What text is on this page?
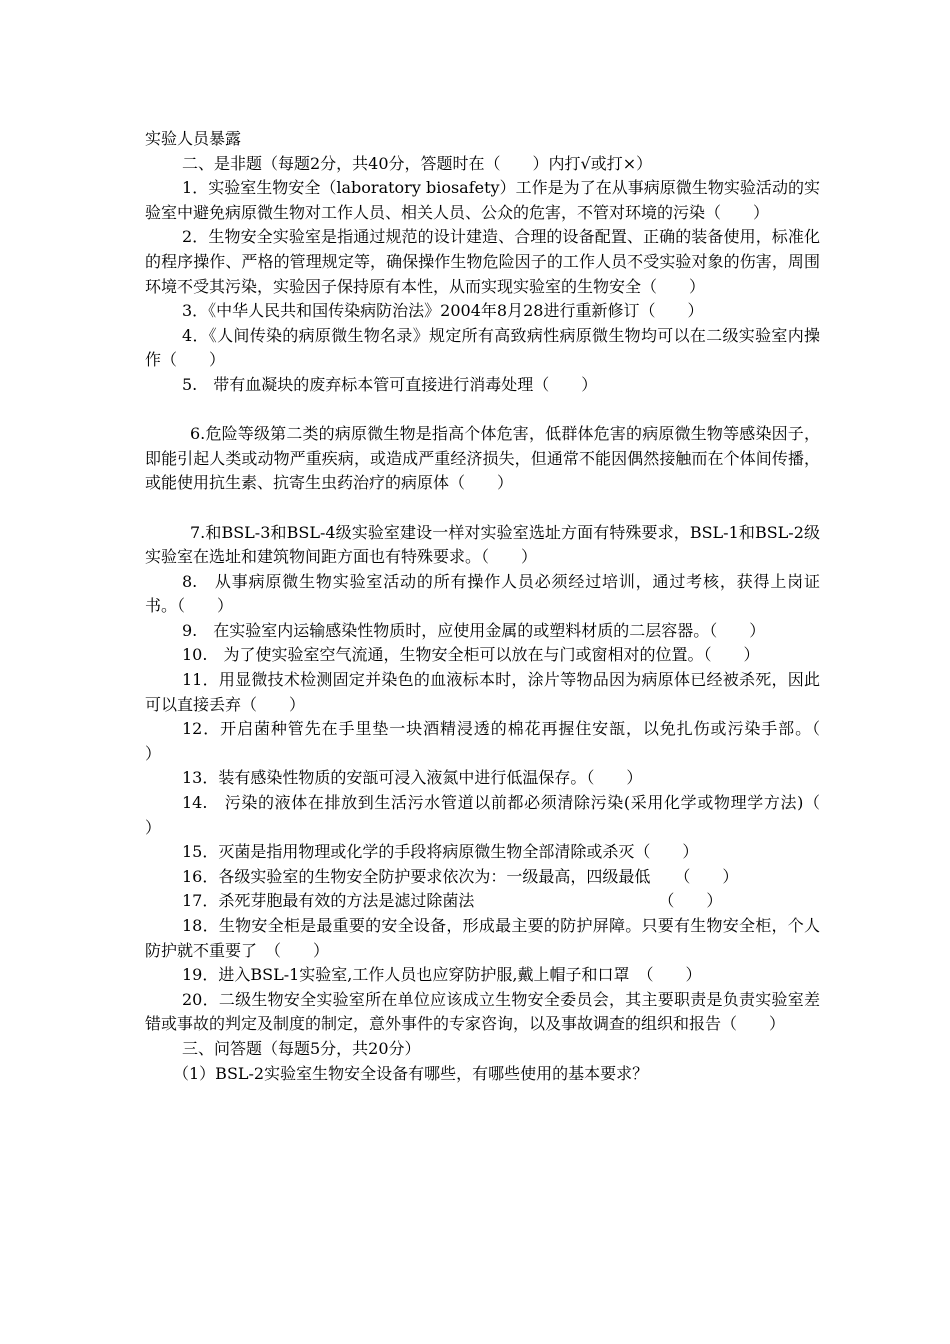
实验人员暴露

二、是非题（每题2分，共40分，答题时在（　　）内打√或打×）

1．实验室生物安全（laboratory biosafety）工作是为了在从事病原微生物实验活动的实验室中避免病原微生物对工作人员、相关人员、公众的危害，不管对环境的污染（　　）

2．生物安全实验室是指通过规范的设计建造、合理的设备配置、正确的装备使用，标准化的程序操作、严格的管理规定等，确保操作生物危险因子的工作人员不受实验对象的伤害，周围环境不受其污染，实验因子保持原有本性，从而实现实验室的生物安全（　　）

3．《中华人民共和国传染病防治法》2004年8月28进行重新修订（　　）

4．《人间传染的病原微生物名录》规定所有高致病性病原微生物均可以在二级实验室内操作（　　）

5.　带有血凝块的废弃标本管可直接进行消毒处理（　　）

6.危险等级第二类的病原微生物是指高个体危害，低群体危害的病原微生物等感染因子，即能引起人类或动物严重疾病，或造成严重经济损失，但通常不能因偶然接触而在个体间传播，或能使用抗生素、抗寄生虫药治疗的病原体（　　）

7.和BSL-3和BSL-4级实验室建设一样对实验室选址方面有特殊要求，BSL-1和BSL-2级实验室在选址和建筑物间距方面也有特殊要求。（　　）

8.　从事病原微生物实验室活动的所有操作人员必须经过培训，通过考核，获得上岗证书。（　　）

9.　在实验室内运输感染性物质时，应使用金属的或塑料材质的二层容器。（　　）

10.　为了使实验室空气流通，生物安全柜可以放在与门或窗相对的位置。（　　）

11．用显微技术检测固定并染色的血液标本时，涂片等物品因为病原体已经被杀死，因此可以直接丢弃（　　）

12．开启菌种管先在手里垫一块酒精浸透的棉花再握住安瓿，以免扎伤或污染手部。（　　）

13．装有感染性物质的安瓿可浸入液氮中进行低温保存。（　　）

14.　污染的液体在排放到生活污水管道以前都必须清除污染(采用化学或物理学方法)（　　）

15．灭菌是指用物理或化学的手段将病原微生物全部清除或杀灭（　　）

16．各级实验室的生物安全防护要求依次为：一级最高，四级最低　　（　　）

17．杀死芽胞最有效的方法是滤过除菌法　　　　　　　　　　　　（　　）

18．生物安全柜是最重要的安全设备，形成最主要的防护屏障。只要有生物安全柜，个人防护就不重要了　（　　）

19．进入BSL-1实验室,工作人员也应穿防护服,戴上帽子和口罩　（　　）

20．二级生物安全实验室所在单位应该成立生物安全委员会，其主要职责是负责实验室差错或事故的判定及制度的制定，意外事件的专家咨询，以及事故调查的组织和报告（　　）

三、问答题（每题5分，共20分）

（1）BSL-2实验室生物安全设备有哪些，有哪些使用的基本要求？
